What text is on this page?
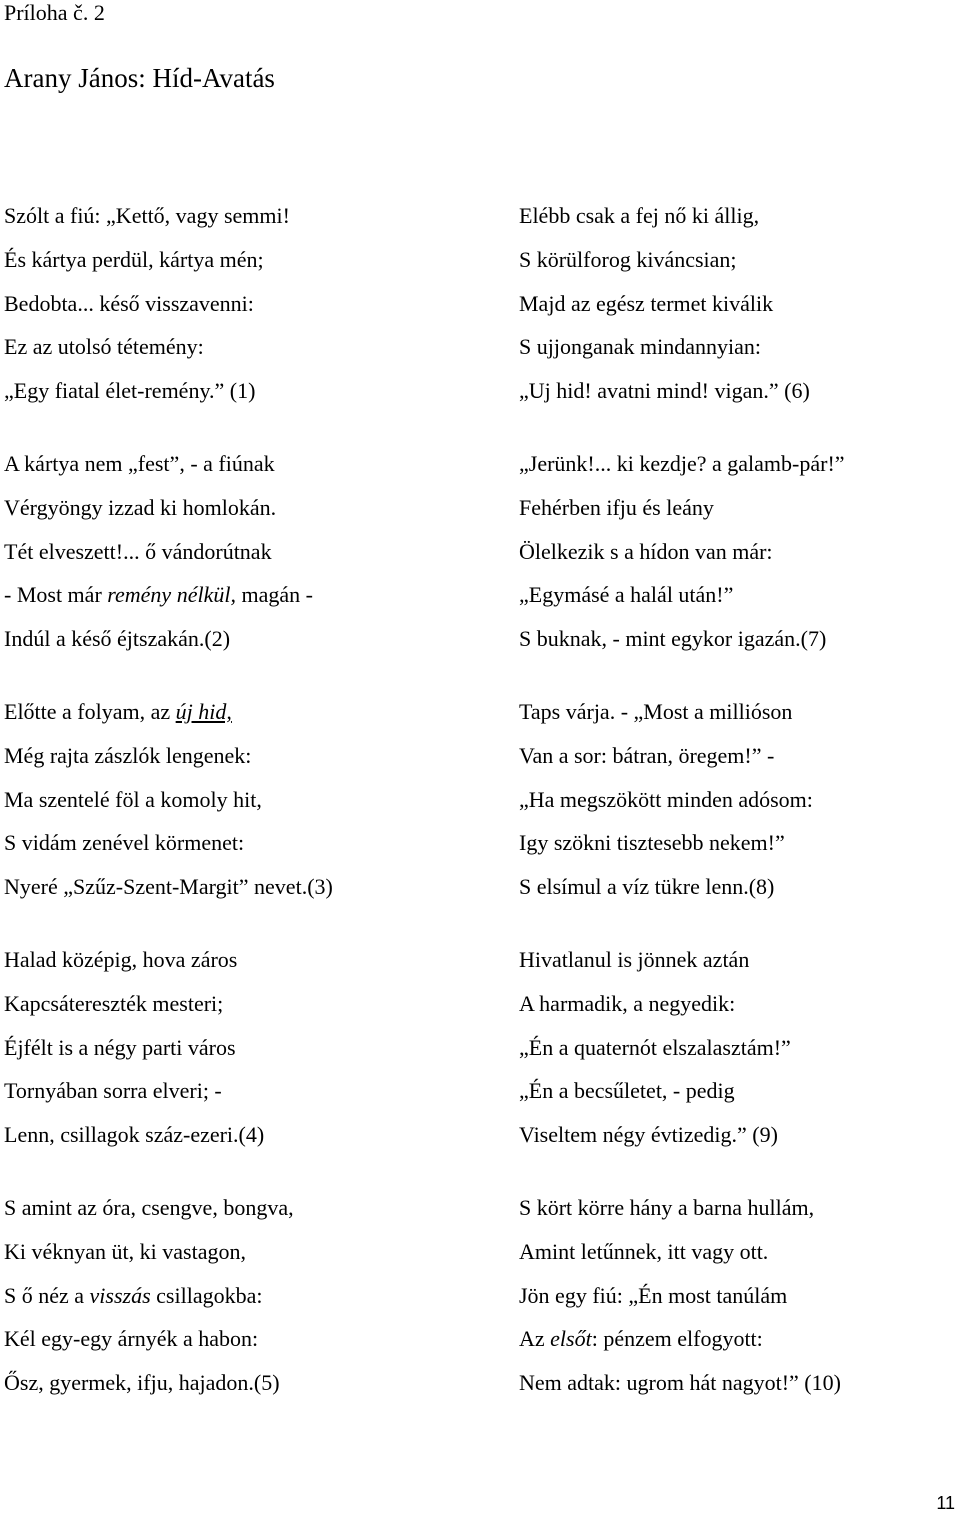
Príloha č. 2
Arany János: Híd-Avatás
Szólt a fiú: „Kettő, vagy semmi!
És kártya perdül, kártya mén;
Bedobta... késő visszavenni:
Ez az utolsó tétemény:
„Egy fiatal élet-remény.” (1)
A kártya nem „fest”, - a fiúnak
Vérgyöngy izzad ki homlokán.
Tét elveszett!... ő vándorútnak
- Most már remény nélkül, magán -
Indúl a késő éjtszakán.(2)
Előtte a folyam, az új hid,
Még rajta zászlók lengenek:
Ma szentelé föl a komoly hit,
S vidám zenével körmenet:
Nyeré „Szűz-Szent-Margit” nevet.(3)
Halad középig, hova záros
Kapcsátereszték mesteri;
Éjfélt is a négy parti város
Tornyában sorra elveri; -
Lenn, csillagok száz-ezeri.(4)
S amint az óra, csengve, bongva,
Ki véknyan üt, ki vastagon,
S ő néz a visszás csillagokba:
Kél egy-egy árnyék a habon:
Ősz, gyermek, ifju, hajadon.(5)
Elébb csak a fej nő ki állig,
S körülforog kiváncsian;
Majd az egész termet kiválik
S ujjonganak mindannyian:
„Uj hid! avatni mind! vigan.” (6)
„Jerünk!... ki kezdje? a galamb-pár!”
Fehérben ifju és leány
Ölelkezik s a hídon van már:
„Egymásé a halál után!”
S buknak, - mint egykor igazán.(7)
Taps várja. - „Most a millióson
Van a sor: bátran, öregem!” -
„Ha megszökött minden adósom:
Igy szökni tisztesebb nekem!”
S elsímul a víz tükre lenn.(8)
Hivatlanul is jönnek aztán
A harmadik, a negyedik:
„Én a quaternót elszalasztám!”
„Én a becsűletet, - pedig
Viseltem négy évtizedig.” (9)
S kört körre hány a barna hullám,
Amint letűnnek, itt vagy ott.
Jön egy fiú: „Én most tanúlám
Az elsőt: pénzem elfogyott:
Nem adtak: ugrom hát nagyot!” (10)
11
